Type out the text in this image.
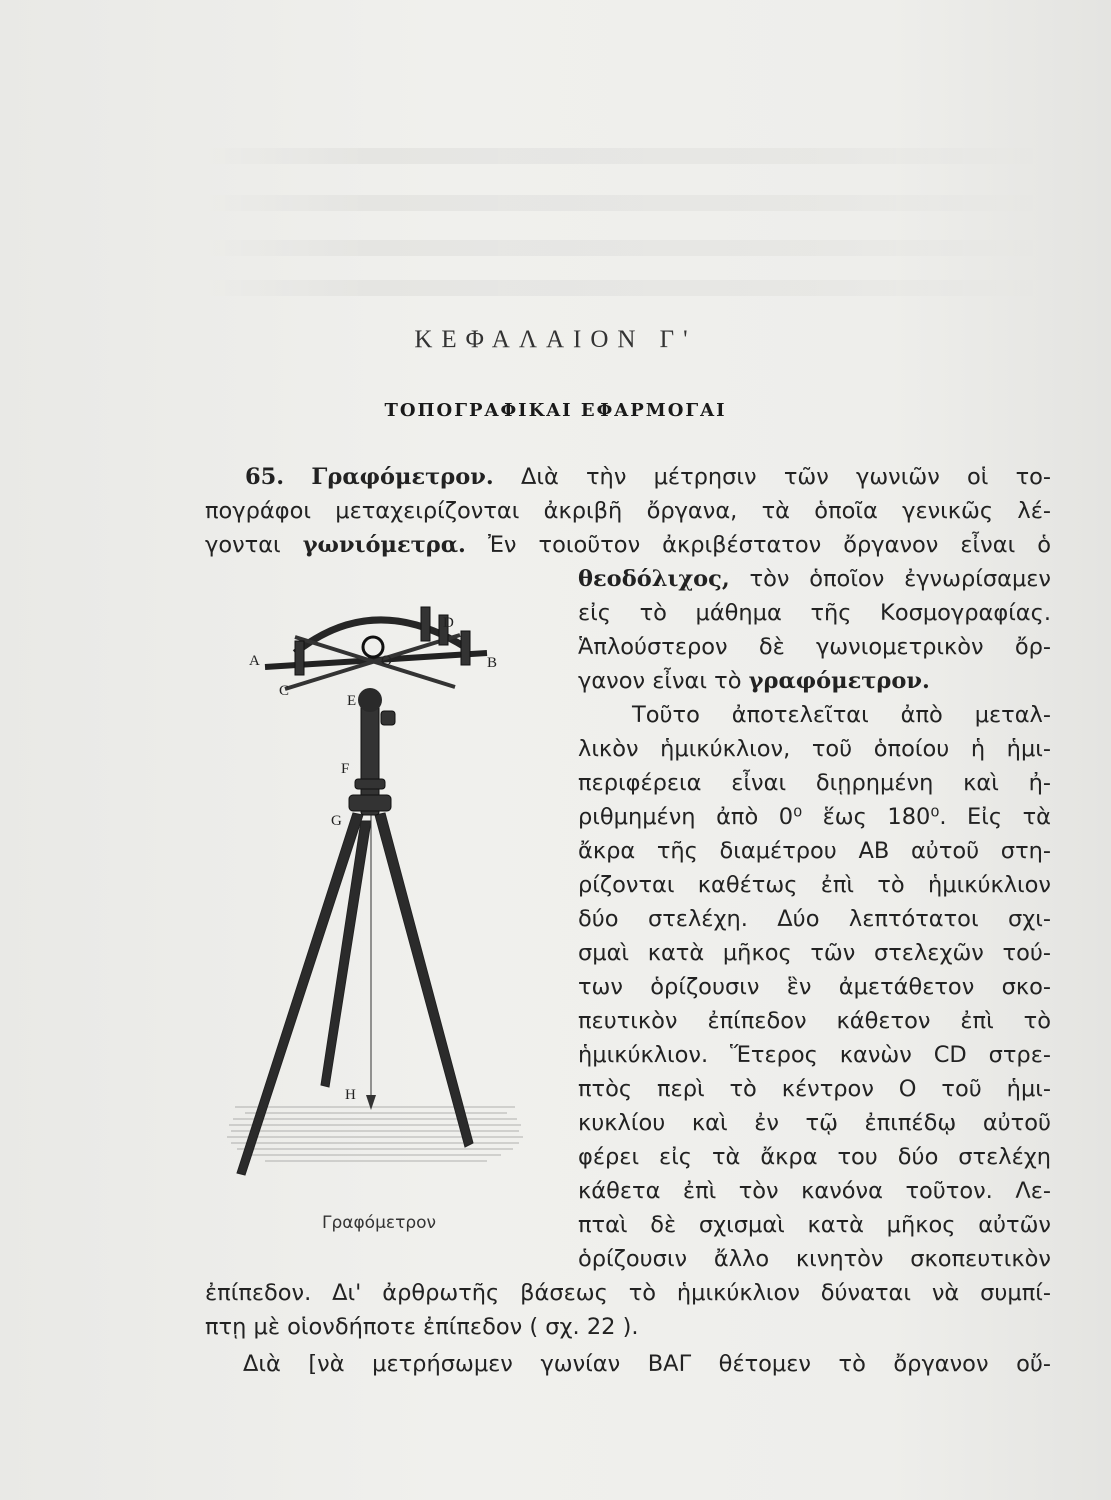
ΚΕΦΑΛΑΙΟΝ Γ'
ΤΟΠΟΓΡΑΦΙΚΑΙ ΕΦΑΡΜΟΓΑΙ
65. Γραφόμετρον. Διὰ τὴν μέτρησιν τῶν γωνιῶν οἱ το-
πογράφοι μεταχειρίζονται ἀκριβῆ ὄργανα, τὰ ὁποῖα γενικῶς λέ-
γονται γωνιόμετρα. Ἐν τοιοῦτον ἀκριβέστατον ὄργανον εἶναι ὁ
θεοδόλιχος, τὸν ὁποῖον ἐγνωρίσαμεν
εἰς τὸ μάθημα τῆς Κοσμογραφίας.
Ἁπλούστερον δὲ γωνιομετρικὸν ὄρ-
γανον εἶναι τὸ γραφόμετρον.
Τοῦτο ἀποτελεῖται ἀπὸ μεταλ-
λικὸν ἡμικύκλιον, τοῦ ὁποίου ἡ ἡμι-
περιφέρεια εἶναι διῃρημένη καὶ ἠ-
ριθμημένη ἀπὸ 0⁰ ἕως 180⁰. Εἰς τὰ
ἄκρα τῆς διαμέτρου AB αὐτοῦ στη-
ρίζονται καθέτως ἐπὶ τὸ ἡμικύκλιον
δύο στελέχη. Δύο λεπτότατοι σχι-
σμαὶ κατὰ μῆκος τῶν στελεχῶν τού-
των ὁρίζουσιν ἓν ἀμετάθετον σκο-
πευτικὸν ἐπίπεδον κάθετον ἐπὶ τὸ
ἡμικύκλιον. Ἕτερος κανὼν CD στρε-
πτὸς περὶ τὸ κέντρον Ο τοῦ ἡμι-
κυκλίου καὶ ἐν τῷ ἐπιπέδῳ αὐτοῦ
φέρει εἰς τὰ ἄκρα του δύο στελέχη
κάθετα ἐπὶ τὸν κανόνα τοῦτον. Λε-
πταὶ δὲ σχισμαὶ κατὰ μῆκος αὐτῶν
ὁρίζουσιν ἄλλο κινητὸν σκοπευτικὸν
ἐπίπεδον. Δι' ἀρθρωτῆς βάσεως τὸ ἡμικύκλιον δύναται νὰ συμπί-
πτῃ μὲ οἱονδήποτε ἐπίπεδον ( σχ. 22 ).
Διὰ [νὰ μετρήσωμεν γωνίαν ΒΑΓ θέτομεν τὸ ὄργανον οὔ-
A	B
C
D
O
E
F
G
H
Γραφόμετρον
